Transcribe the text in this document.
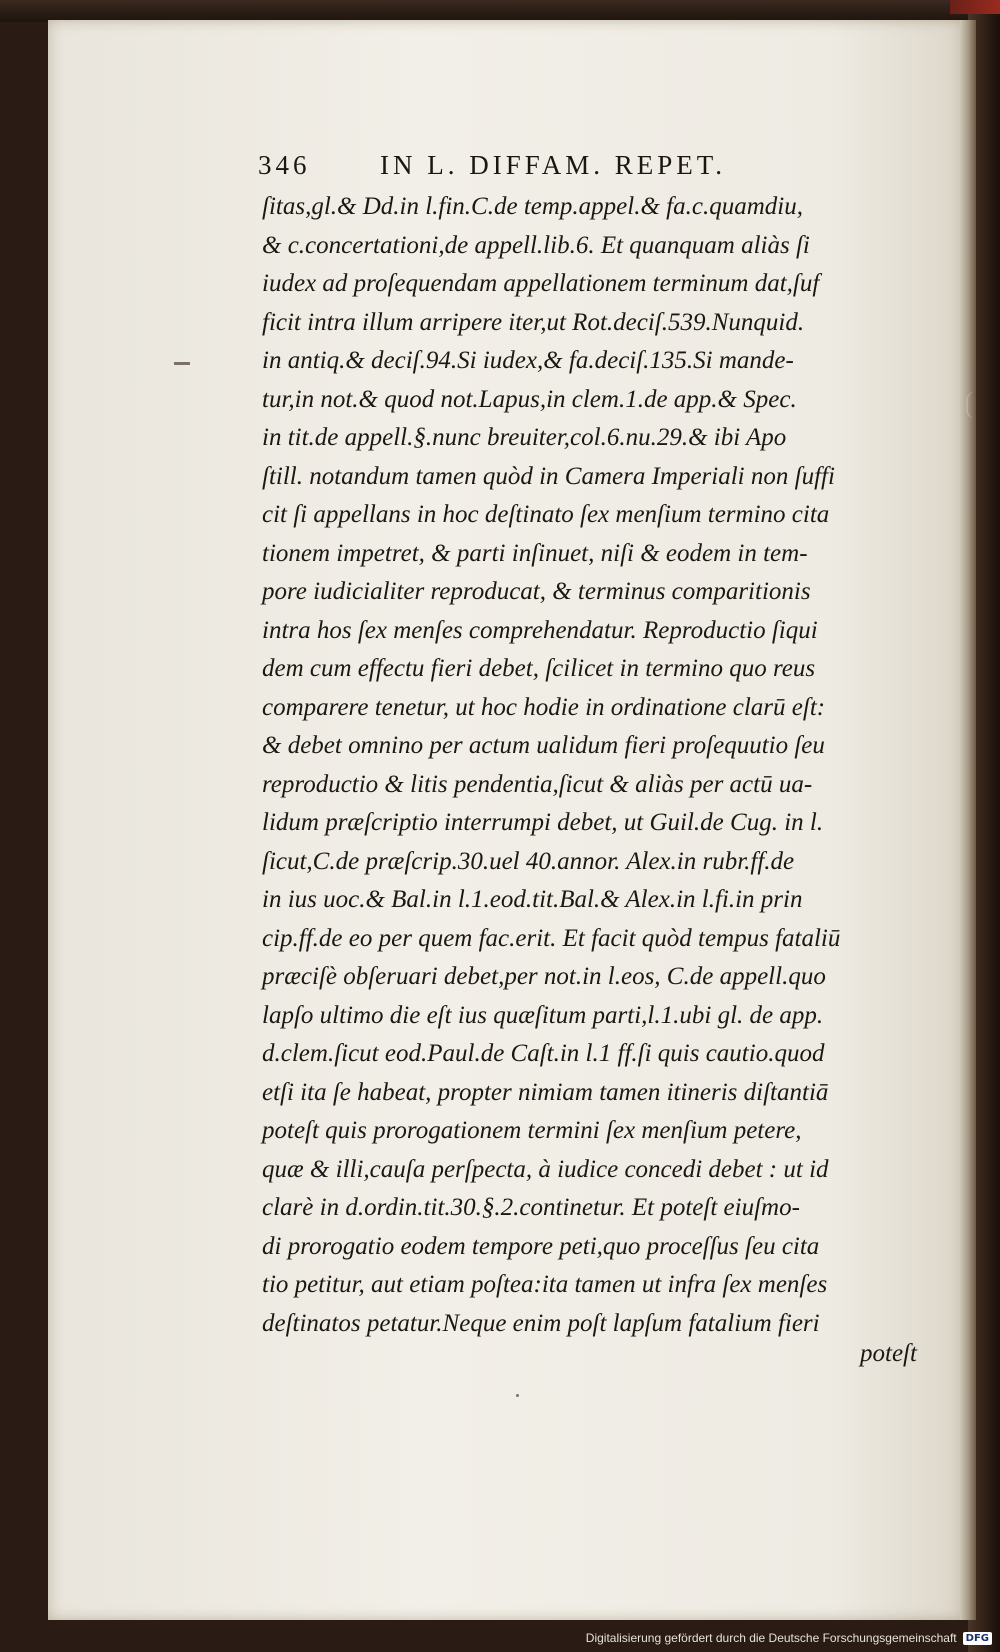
346	IN L. DIFFAM. REPET.
ſitas,gl.& Dd.in l.fin.C.de temp.appel.& fa.c.quamdiu,
& c.concertationi,de appell.lib.6. Et quanquam aliàs ſi
iudex ad proſequendam appellationem terminum dat,ſuf
ficit intra illum arripere iter,ut Rot.deciſ.539.Nunquid.
in antiq.& deciſ.94.Si iudex,& fa.deciſ.135.Si mande-
tur,in not.& quod not.Lapus,in clem.1.de app.& Spec.
in tit.de appell.§.nunc breuiter,col.6.nu.29.& ibi Apo
ſtill. notandum tamen quòd in Camera Imperiali non ſuffi
cit ſi appellans in hoc deſtinato ſex menſium termino cita
tionem impetret, & parti inſinuet, niſi & eodem in tem-
pore iudicialiter reproducat, & terminus comparitionis
intra hos ſex menſes comprehendatur. Reproductio ſiqui
dem cum effectu fieri debet, ſcilicet in termino quo reus
comparere tenetur, ut hoc hodie in ordinatione clarū eſt:
& debet omnino per actum ualidum fieri proſequutio ſeu
reproductio & litis pendentia,ſicut & aliàs per actū ua-
lidum præſcriptio interrumpi debet, ut Guil.de Cug. in l.
ſicut,C.de præſcrip.30.uel 40.annor. Alex.in rubr.ff.de
in ius uoc.& Bal.in l.1.eod.tit.Bal.& Alex.in l.fi.in prin
cip.ff.de eo per quem fac.erit. Et facit quòd tempus fataliū
præciſè obſeruari debet,per not.in l.eos, C.de appell.quo
lapſo ultimo die eſt ius quæſitum parti,l.1.ubi gl. de app.
d.clem.ſicut eod.Paul.de Caſt.in l.1 ff.ſi quis cautio.quod
etſi ita ſe habeat, propter nimiam tamen itineris diſtantiā
poteſt quis prorogationem termini ſex menſium petere,
quæ & illi,cauſa perſpecta, à iudice concedi debet : ut id
clarè in d.ordin.tit.30.§.2.continetur. Et poteſt eiuſmo-
di prorogatio eodem tempore peti,quo proceſſus ſeu cita
tio petitur, aut etiam poſtea:ita tamen ut infra ſex menſes
deſtinatos petatur.Neque enim poſt lapſum fatalium fieri
poteſt
Digitalisierung gefördert durch die Deutsche Forschungsgemeinschaft DFG
